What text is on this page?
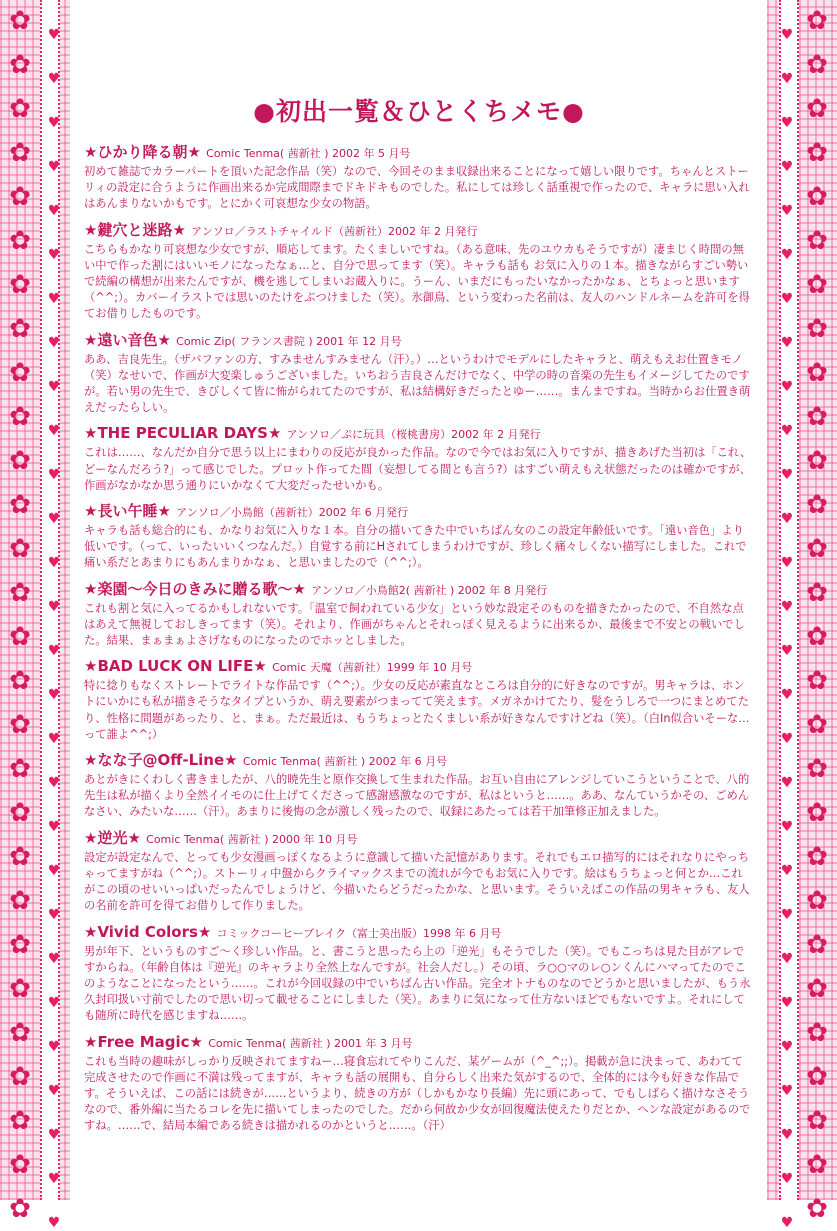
✿ ♥
✿ ♥
✿ ♥
✿ ♥
✿ ♥
✿ ♥
✿ ♥
✿ ♥
✿ ♥
✿ ♥
✿ ♥
✿ ♥
✿ ♥
✿ ♥
✿ ♥
✿ ♥
✿ ♥
✿ ♥
✿ ♥
✿ ♥
✿ ♥
✿ ♥
✿ ♥
✿ ♥
✿ ♥
✿ ♥
✿ ♥
✿ ♥
✿
♥
✿
♥
✿
♥
✿
♥
✿
♥
✿
♥
✿
♥
✿
♥
✿
♥
✿
♥
✿
♥
✿
♥
✿
♥
✿
♥
✿
♥
✿
♥
✿
♥
✿
♥
✿
♥
✿
♥
✿
♥
✿
♥
✿
♥
✿
♥
✿
♥
✿
♥
✿
♥
✿
♥
●初出一覧＆ひとくちメモ●
★ひかり降る朝★ Comic Tenma( 茜新社 ) 2002 年 5 月号

初めて雑誌でカラーパートを頂いた記念作品（笑）なので、今回そのまま収録出来ることになって嬉しい限りです。ちゃんとストーリィの設定に合うように作画出来るか完成間際までドキドキものでした。私にしては珍しく話重視で作ったので、キャラに思い入れはあんまりないかもです。とにかく可哀想な少女の物語。

★鍵穴と迷路★ アンソロ／ラストチャイルド（茜新社）2002 年 2 月発行

こちらもかなり可哀想な少女ですが、順応してます。たくましいですね。（ある意味、先のユウカもそうですが）凄まじく時間の無い中で作った割にはいいモノになったなぁ…と、自分で思ってます（笑）。キャラも話も お気に入りの１本。描きながらすごい勢いで続編の構想が出来たんですが、機を逃してしまいお蔵入りに。うーん、いまだにもったいなかったかなぁ、とちょっと思います（^^;）。カバーイラストでは思いのたけをぶつけました（笑）。氷御鳥、という変わった名前は、友人のハンドルネームを許可を得てお借りしたものです。

★遠い音色★ Comic Zip( フランス書院 ) 2001 年 12 月号

ああ、吉良先生。（ザバファンの方、すみませんすみません（汗）。）…というわけでモデルにしたキャラと、萌えもえお仕置きモノ（笑）なせいで、作画が大変楽しゅうございました。いちおう吉良さんだけでなく、中学の時の音楽の先生もイメージしてたのですが。若い男の先生で、きびしくて皆に怖がられてたのですが、私は結構好きだったとゆー……。まんまですね。当時からお仕置き萌えだったらしい。

★THE PECULIAR DAYS★ アンソロ／ぷに玩具（桜桃書房）2002 年 2 月発行

これは……、なんだか自分で思う以上にまわりの反応が良かった作品。なので今ではお気に入りですが、描きあげた当初は「これ、どーなんだろう?」って感じでした。プロット作ってた間（妄想してる間とも言う?）はすごい萌えもえ状態だったのは確かですが、作画がなかなか思う通りにいかなくて大変だったせいかも。

★長い午睡★ アンソロ／小鳥館（茜新社）2002 年 6 月発行

キャラも話も総合的にも、かなりお気に入りな１本。自分の描いてきた中でいちばん女のこの設定年齢低いです。「遠い音色」より低いです。（って、いったいいくつなんだ。）自覚する前にHされてしまうわけですが、珍しく痛々しくない描写にしました。これで痛い系だとあまりにもあんまりかなぁ、と思いましたので（^^;）。

★楽園〜今日のきみに贈る歌〜★ アンソロ／小鳥館2( 茜新社 ) 2002 年 8 月発行

これも割と気に入ってるかもしれないです。「温室で飼われている少女」という妙な設定そのものを描きたかったので、不自然な点はあえて無視しておしきってます（笑）。それより、作画がちゃんとそれっぽく見えるように出来るか、最後まで不安との戦いでした。結果、まぁまぁよさげなものになったのでホッとしました。

★BAD LUCK ON LIFE★ Comic 天魔（茜新社）1999 年 10 月号

特に捻りもなくストレートでライトな作品です（^^;）。少女の反応が素直なところは自分的に好きなのですが。男キャラは、ホントにいかにも私が描きそうなタイプというか、萌え要素がつまってて笑えます。メガネかけてたり、髪をうしろで一つにまとめてたり、性格に問題があったり、と、まぁ。ただ最近は、もうちょっとたくましい系が好きなんですけどね（笑）。（白In似合いそーな…って誰よ^^;）

★なな子@Off-Line★ Comic Tenma( 茜新社 ) 2002 年 6 月号

あとがきにくわしく書きましたが、八的暁先生と原作交換して生まれた作品。お互い自由にアレンジしていこうということで、八的先生は私が描くより全然イイモのに仕上げてくださって感謝感激なのですが、私はというと……。ああ、なんていうかその、ごめんなさい、みたいな……（汗）。あまりに後悔の念が激しく残ったので、収録にあたっては若干加筆修正加えました。

★逆光★ Comic Tenma( 茜新社 ) 2000 年 10 月号

設定が設定なんで、とっても少女漫画っぽくなるように意識して描いた記憶があります。それでもエロ描写的にはそれなりにやっちゃってますがね（^^;）。ストーリィ中盤からクライマックスまでの流れが今でもお気に入りです。絵はもうちょっと何とか…これがこの頃のせいいっぱいだったんでしょうけど、今描いたらどうだったかな、と思います。そういえばこの作品の男キャラも、友人の名前を許可を得てお借りして作りました。

★Vivid Colors★ コミックコーヒーブレイク（富士美出版）1998 年 6 月号

男が年下、というものすご〜く珍しい作品。と、書こうと思ったら上の「逆光」もそうでした（笑）。でもこっちは見た目がアレですからね。（年齢自体は『逆光』のキャラより全然上なんですが。社会人だし。）その頃、ラ○○マのレ○ンくんにハマってたのでこのようなことになったという……。これが今回収録の中でいちばん古い作品。完全オトナものなのでどうかと思いましたが、もう永久封印扱い寸前でしたので思い切って載せることにしました（笑）。あまりに気になって仕方ないほどでもないですよ。それにしても随所に時代を感じますね……。

★Free Magic★ Comic Tenma( 茜新社 ) 2001 年 3 月号

これも当時の趣味がしっかり反映されてますねー…寝食忘れてやりこんだ、某ゲームが（^_^;;）。掲載が急に決まって、あわてて完成させたので作画に不満は残ってますが、キャラも話の展開も、自分らしく出来た気がするので、全体的には今も好きな作品です。そういえば、この話には続きが……というより、続きの方が（しかもかなり長編）先に頭にあって、でもしばらく描けなさそうなので、番外編に当たるコレを先に描いてしまったのでした。だから何故か少女が回復魔法使えたりだとか、ヘンな設定があるのですね。……で、結局本編である続きは描かれるのかというと……。（汗）
